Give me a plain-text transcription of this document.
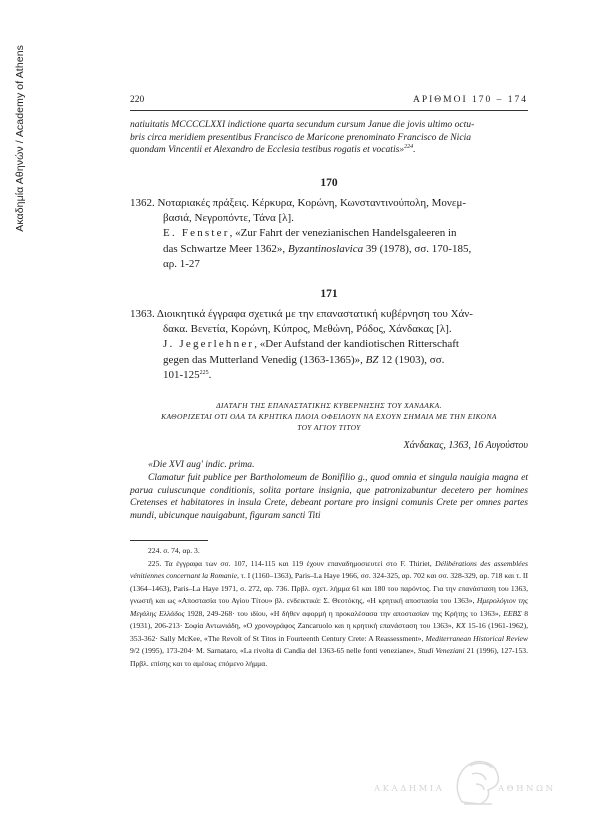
Ακαδημία Αθηνών / Academy of Athens	220	ΑΡΙΘΜΟΙ 170 – 174
natiuitatis MCCCCLXXI indictione quarta secundum cursum Janue die jovis ultimo octu-
bris circa meridiem presentibus Francisco de Maricone prenominato Francisco de Nicia
quondam Vincentii et Alexandro de Ecclesia testibus rogatis et vocatis»$^{224}$.
170
1362. Νοταριακές πράξεις. Κέρκυρα, Κορώνη, Κωνσταντινούπολη, Μονεμ-
βασιά, Νεγροπόντε, Τάνα [λ].
E. Fenster, «Zur Fahrt der venezianischen Handelsgaleeren in
das Schwartze Meer 1362», Byzantinoslavica 39 (1978), σσ. 170-185,
αρ. 1-27
171
1363. Διοικητικά έγγραφα σχετικά με την επαναστατική κυβέρνηση του Χάν-
δακα. Βενετία, Κορώνη, Κύπρος, Μεθώνη, Ρόδος, Χάνδακας [λ].
J. Jegerlehner, «Der Aufstand der kandiotischen Ritterschaft
gegen das Mutterland Venedig (1363-1365)», BZ 12 (1903), σσ.
$101-125^{225}$.
ΔΙΑΤΑΓΗ ΤΗΣ ΕΠΑΝΑΣΤΑΤΙΚΗΣ ΚΥΒΕΡΝΗΣΗΣ ΤΟΥ ΧΑΝΔΑΚΑ.
ΚΑΘΟΡΙΖΕΤΑΙ ΟΤΙ ΟΛΑ ΤΑ ΚΡΗΤΙΚΑ ΠΛΟΙΑ ΟΦΕΙΛΟΥΝ ΝΑ ΕΧΟΥΝ ΣΗΜΑΙΑ ΜΕ ΤΗΝ ΕΙΚΟΝΑ
ΤΟΥ ΑΓΙΟΥ ΤΙΤΟΥ
Χάνδακας, 1363, 16 Αυγούστου

«Die XVI aug' indic. prima.

Clamatur fuit publice per Bartholomeum de Bonifilio g., quod omnia et singula nauigia magna et parua cuiuscunque conditionis, solita portare insignia, que patronizabuntur decetero per homines Cretenses et habitatores in insula Crete, debeant portare pro insigni comunis Crete per omnes partes mundi, ubicunque nauigabunt, figuram sancti Titi

224. σ. 74, αρ. 3.

225. Τα έγγραφα των σσ. 107, 114-115 και 119 έχουν επαναδημοσιευτεί στο F. Thiriet, Délibérations des assemblées vénitiennes concernant la Romanie, τ. I (1160–1363), Paris–La Haye 1966, σσ. 324-325, αρ. 702 και σσ. 328-329, αρ. 718 και τ. II (1364–1463), Paris–La Haye 1971, σ. 272, αρ. 736. Πρβλ. σχετ. λήμμα 61 και 180 του παρόντος. Για την επανάσταση του 1363, γνωστή και ως «Αποστασία του Αγίου Τίτου» βλ. ενδεικτικά: Σ. Θεοτόκης, «Η κρητική αποστασία του 1363», Ημερολόγιον της Μεγάλης Ελλάδος 1928, 249-268· του ιδίου, «Η δήθεν αφορμή η προκαλέσασα την αποστασίαν της Κρήτης το 1363», ΕΕΒΣ 8 (1931), 206-213· Σοφία Αντωνιάδη, «Ο χρονογράφος Zancaruolo και η κρητική επανάσταση του 1363», ΚΧ 15-16 (1961-1962), 353-362· Sally McKee, «The Revolt of St Titos in Fourteenth Century Crete: A Reassessment», Mediterranean Historical Review 9/2 (1995), 173-204· M. Sarnataro, «La rivolta di Candia del 1363-65 nelle fonti veneziane», Studi Veneziani 21 (1996), 127-153. Πρβλ. επίσης και το αμέσως επόμενο λήμμα.

ΑΚΑΔΗΜΙΑ	ΑΘΗΝΩΝ
